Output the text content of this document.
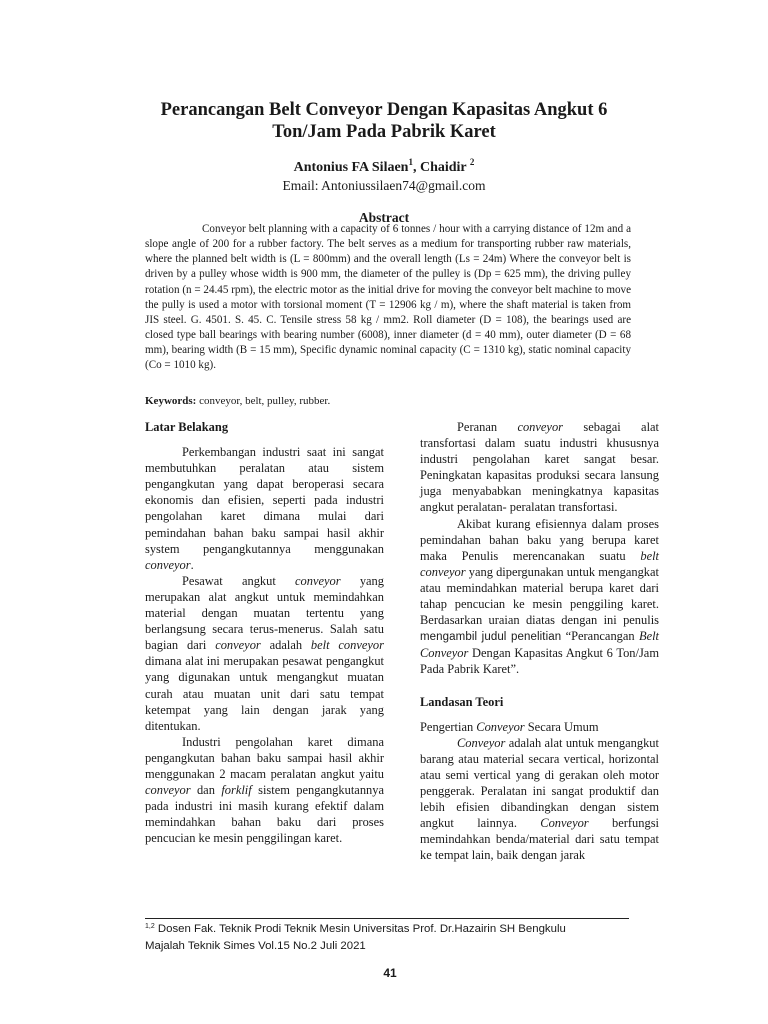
Perancangan Belt Conveyor Dengan Kapasitas Angkut 6
Ton/Jam Pada Pabrik Karet
Antonius FA Silaen$^1$, Chaidir $^2$
Email: Antoniussilaen74@gmail.com
Abstract
Conveyor belt planning with a capacity of 6 tonnes / hour with a carrying distance of 12m and a slope angle of 200 for a rubber factory. The belt serves as a medium for transporting rubber raw materials, where the planned belt width is (L = 800mm) and the overall length (Ls = 24m) Where the conveyor belt is driven by a pulley whose width is 900 mm, the diameter of the pulley is (Dp = 625 mm), the driving pulley rotation (n = 24.45 rpm), the electric motor as the initial drive for moving the conveyor belt machine to move the pully is used a motor with torsional moment (T = 12906 kg / m), where the shaft material is taken from JIS steel. G. 4501. S. 45. C. Tensile stress 58 kg / mm2. Roll diameter (D = 108), the bearings used are closed type ball bearings with bearing number (6008), inner diameter (d = 40 mm), outer diameter (D = 68 mm), bearing width (B = 15 mm), Specific dynamic nominal capacity (C = 1310 kg), static nominal capacity (Co = 1010 kg).
Keywords: conveyor, belt, pulley, rubber.
Latar Belakang

Perkembangan industri saat ini sangat membutuhkan peralatan atau sistem pengangkutan yang dapat beroperasi secara ekonomis dan efisien, seperti pada industri pengolahan karet dimana mulai dari pemindahan bahan baku sampai hasil akhir system pengangkutannya menggunakan conveyor.

Pesawat angkut conveyor yang merupakan alat angkut untuk memindahkan material dengan muatan tertentu yang berlangsung secara terus-menerus. Salah satu bagian dari conveyor adalah belt conveyor dimana alat ini merupakan pesawat pengangkut yang digunakan untuk mengangkut muatan curah atau muatan unit dari satu tempat ketempat yang lain dengan jarak yang ditentukan.

Industri pengolahan karet dimana pengangkutan bahan baku sampai hasil akhir menggunakan 2 macam peralatan angkut yaitu conveyor dan forklif sistem pengangkutannya pada industri ini masih kurang efektif dalam memindahkan bahan baku dari proses pencucian ke mesin penggilingan karet.

Peranan conveyor sebagai alat transfortasi dalam suatu industri khususnya industri pengolahan karet sangat besar. Peningkatan kapasitas produksi secara lansung juga menyababkan meningkatnya kapasitas angkut peralatan- peralatan transfortasi.

Akibat kurang efisiennya dalam proses pemindahan bahan baku yang berupa karet maka Penulis merencanakan suatu belt conveyor yang dipergunakan untuk mengangkat atau memindahkan material berupa karet dari tahap pencucian ke mesin penggiling karet. Berdasarkan uraian diatas dengan ini penulis mengambil judul penelitian “Perancangan Belt Conveyor Dengan Kapasitas Angkut 6 Ton/Jam Pada Pabrik Karet”.

Landasan Teori

Pengertian Conveyor Secara Umum

Conveyor adalah alat untuk mengangkut barang atau material secara vertical, horizontal atau semi vertical yang di gerakan oleh motor penggerak. Peralatan ini sangat produktif dan lebih efisien dibandingkan dengan sistem angkut lainnya. Conveyor berfungsi memindahkan benda/material dari satu tempat ke tempat lain, baik dengan jarak

$^{1,2}$ Dosen Fak. Teknik Prodi Teknik Mesin Universitas Prof. Dr.Hazairin SH Bengkulu
Majalah Teknik Simes Vol.15 No.2 Juli 2021
41
